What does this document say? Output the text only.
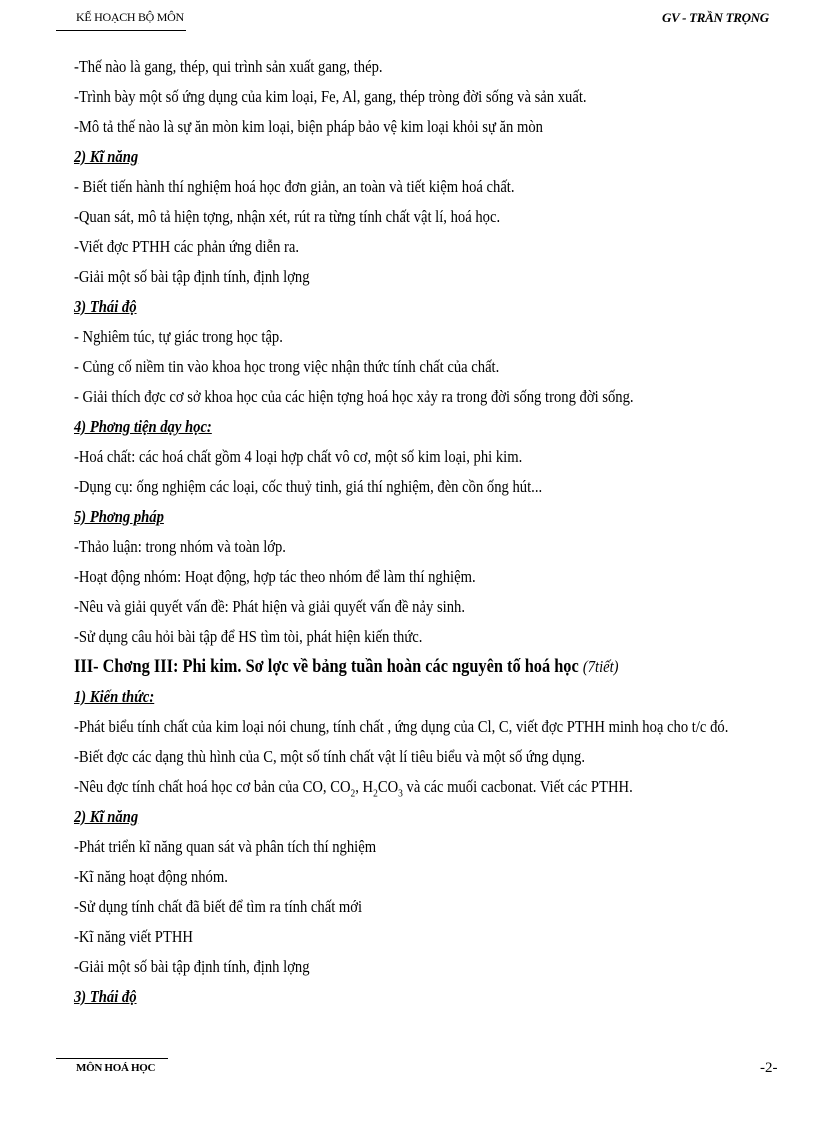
KẾ HOẠCH BỘ MÔN	GV - TRẦN TRỌNG
-Thế nào là gang, thép, qui trình sản xuất gang, thép.
-Trình bày một số ứng dụng của kim loại, Fe, Al, gang, thép tròng đời sống và sản xuất.
-Mô tả thế nào là sự ăn mòn kim loại, biện pháp bảo vệ kim loại khỏi sự ăn mòn
2) Kĩ năng
- Biết tiến hành thí nghiệm hoá học đơn giản, an toàn và tiết kiệm hoá chất.
-Quan sát, mô tả hiện tợng, nhận xét, rút ra từng tính chất vật lí, hoá học.
-Viết đợc PTHH các phản ứng diễn ra.
-Giải một số bài tập định tính, định lợng
3) Thái độ
- Nghiêm túc, tự giác trong học tập.
- Củng cố niềm tin vào khoa học trong việc nhận thức tính chất của chất.
- Giải thích đợc cơ sở khoa học của các hiện tợng hoá học xảy ra trong đời sống trong đời sống.
4) Phơng tiện dạy học:
-Hoá chất: các hoá chất gồm 4 loại hợp chất vô cơ, một số kim loại, phi kim.
-Dụng cụ: ống nghiệm các loại, cốc thuỷ tinh, giá thí nghiệm, đèn cồn ống hút...
5) Phơng pháp
-Thảo luận: trong nhóm và toàn lớp.
-Hoạt động nhóm: Hoạt động, hợp tác theo nhóm để làm thí nghiệm.
-Nêu và giải quyết vấn đề: Phát hiện và giải quyết vấn đề nảy sinh.
-Sử dụng câu hỏi bài tập để HS tìm tòi, phát hiện kiến thức.
III- Chơng III: Phi kim. Sơ lợc về bảng tuần hoàn các nguyên tố hoá học (7tiết)
1) Kiến thức:
-Phát biểu tính chất của kim loại nói chung, tính chất , ứng dụng của Cl, C, viết đợc PTHH minh hoạ cho t/c đó.
-Biết đợc các dạng thù hình của C, một số tính chất vật lí tiêu biểu và một số ứng dụng.
-Nêu đợc tính chất hoá học cơ bản của CO, $CO_2$, $H_2CO_3$ và các muối cacbonat. Viết các PTHH.
2) Kĩ năng
-Phát triển kĩ năng quan sát và phân tích thí nghiệm
-Kĩ năng hoạt động nhóm.
-Sử dụng tính chất đã biết để tìm ra tính chất mới
-Kĩ năng viết PTHH
-Giải một số bài tập định tính, định lợng
3) Thái độ
MÔN HOÁ HỌC	-2-
